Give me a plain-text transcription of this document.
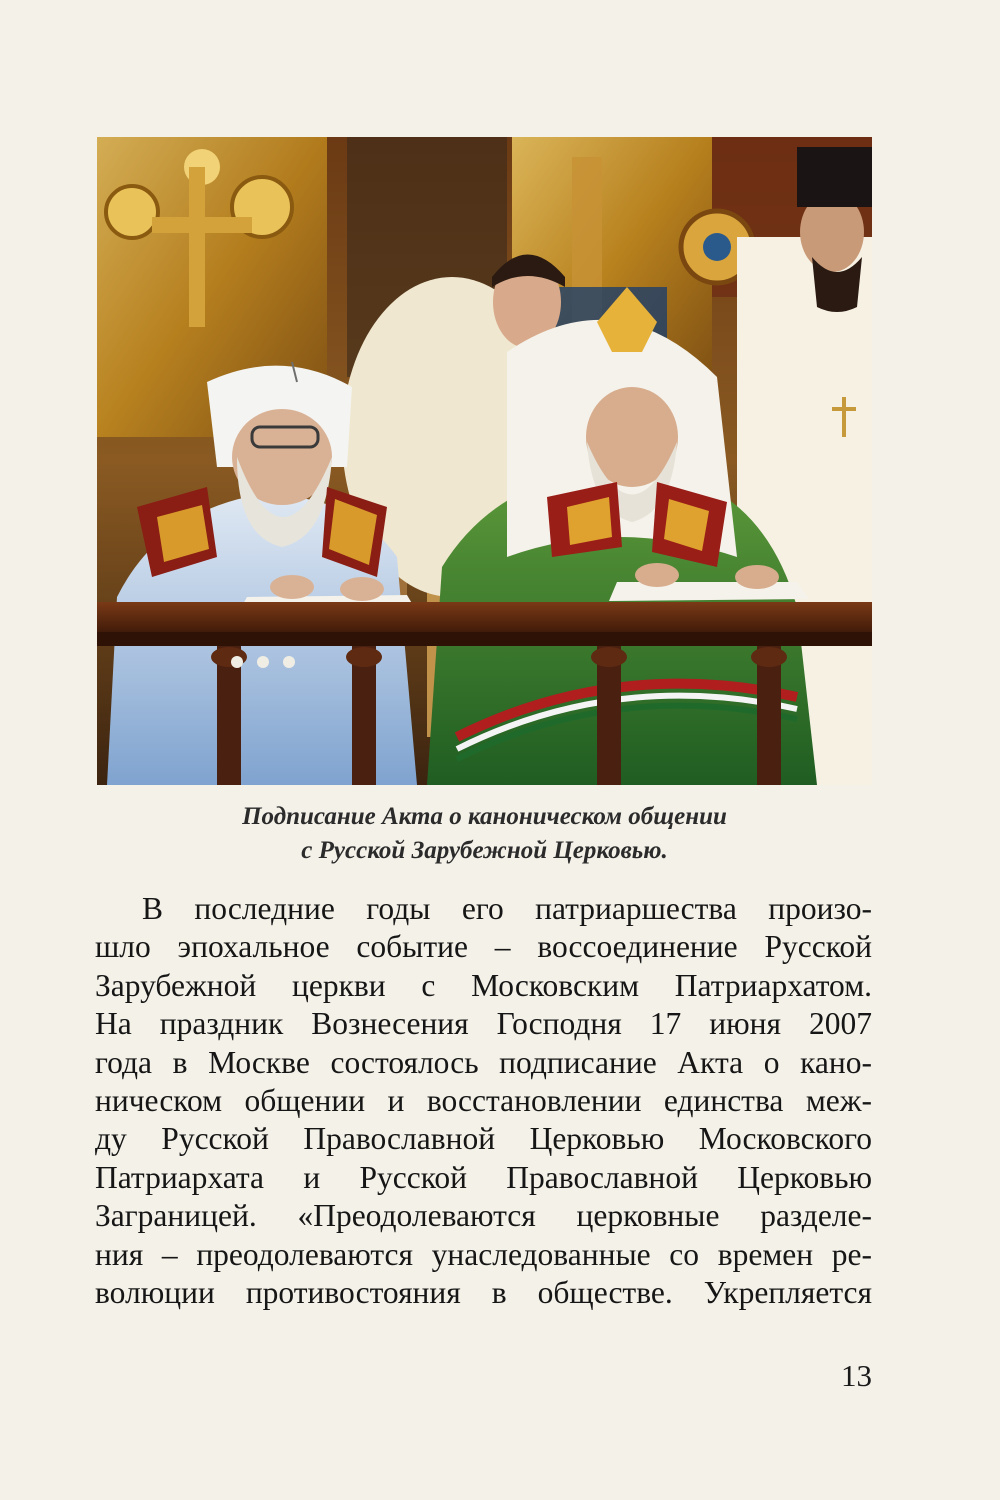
Подписание Акта о каноническом общении
с Русской Зарубежной Церковью.
В последние годы его патриаршества произо-
шло эпохальное событие – воссоединение Русской
Зарубежной церкви с Московским Патриархатом.
На праздник Вознесения Господня 17 июня 2007
года в Москве состоялось подписание Акта о кано-
ническом общении и восстановлении единства меж-
ду Русской Православной Церковью Московского
Патриархата и Русской Православной Церковью
Заграницей. «Преодолеваются церковные разделе-
ния – преодолеваются унаследованные со времен ре-
волюции противостояния в обществе. Укрепляется
13
